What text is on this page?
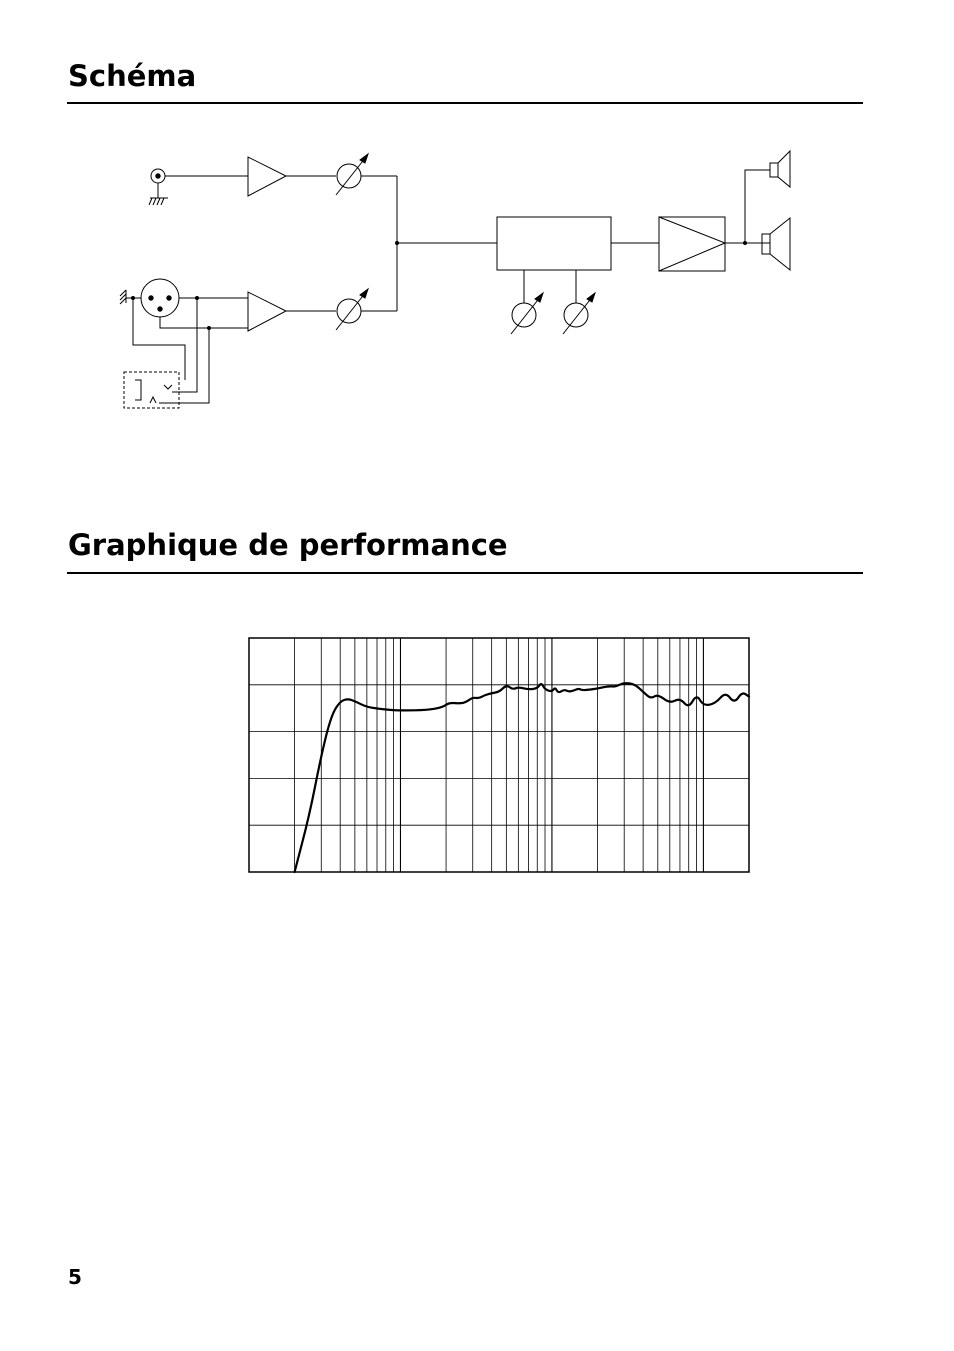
Schéma
Graphique de performance
5
